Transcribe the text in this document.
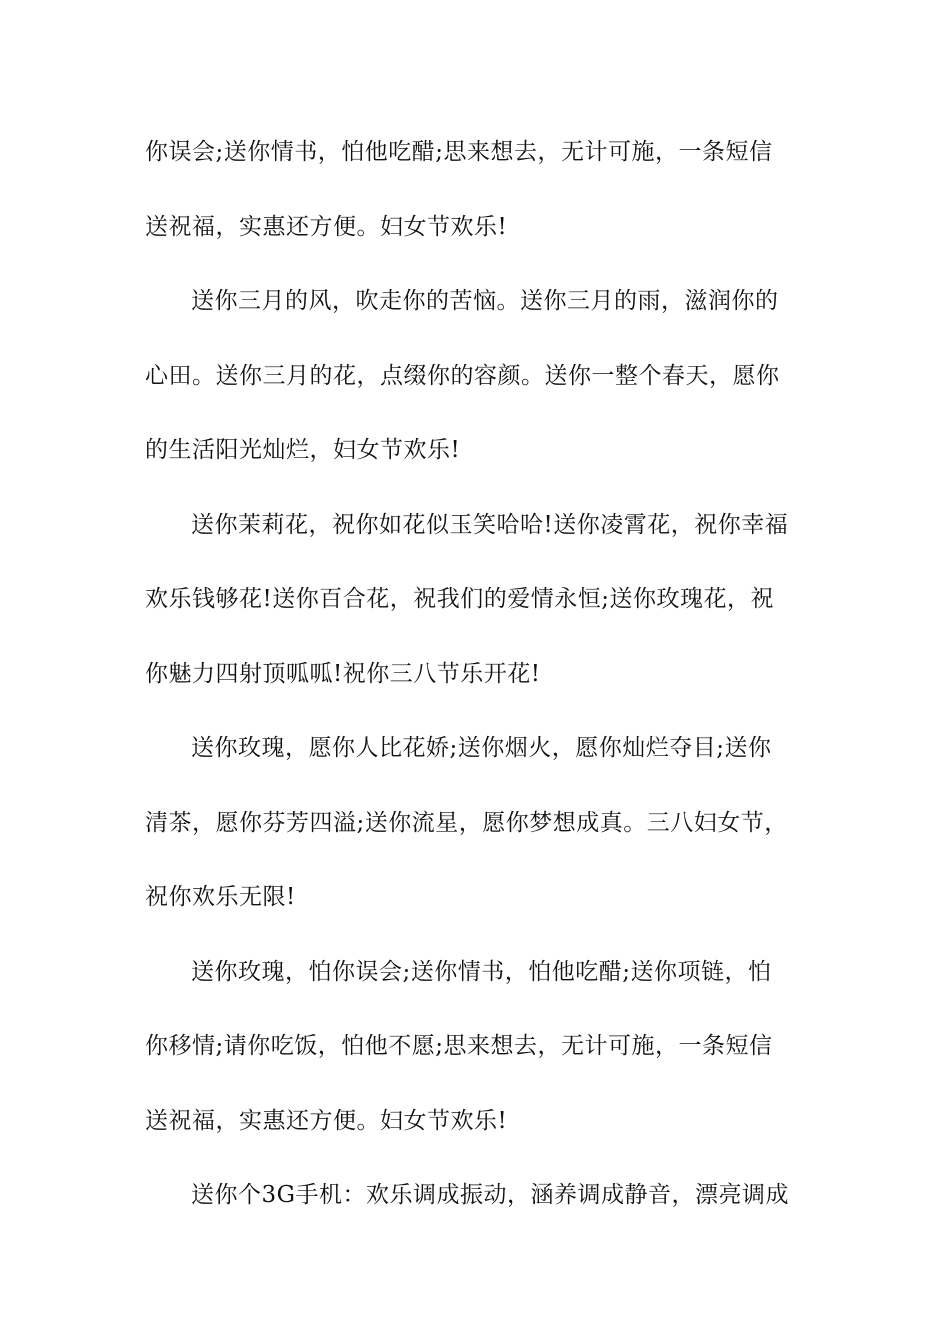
你误会;送你情书，怕他吃醋;思来想去，无计可施，一条短信
送祝福，实惠还方便。妇女节欢乐!
送你三月的风，吹走你的苦恼。送你三月的雨，滋润你的
心田。送你三月的花，点缀你的容颜。送你一整个春天，愿你
的生活阳光灿烂，妇女节欢乐!
送你茉莉花，祝你如花似玉笑哈哈!送你凌霄花，祝你幸福
欢乐钱够花!送你百合花，祝我们的爱情永恒;送你玫瑰花，祝
你魅力四射顶呱呱!祝你三八节乐开花!
送你玫瑰，愿你人比花娇;送你烟火，愿你灿烂夺目;送你
清茶，愿你芬芳四溢;送你流星，愿你梦想成真。三八妇女节，
祝你欢乐无限!
送你玫瑰，怕你误会;送你情书，怕他吃醋;送你项链，怕
你移情;请你吃饭，怕他不愿;思来想去，无计可施，一条短信
送祝福，实惠还方便。妇女节欢乐!
送你个3G手机：欢乐调成振动，涵养调成静音，漂亮调成
